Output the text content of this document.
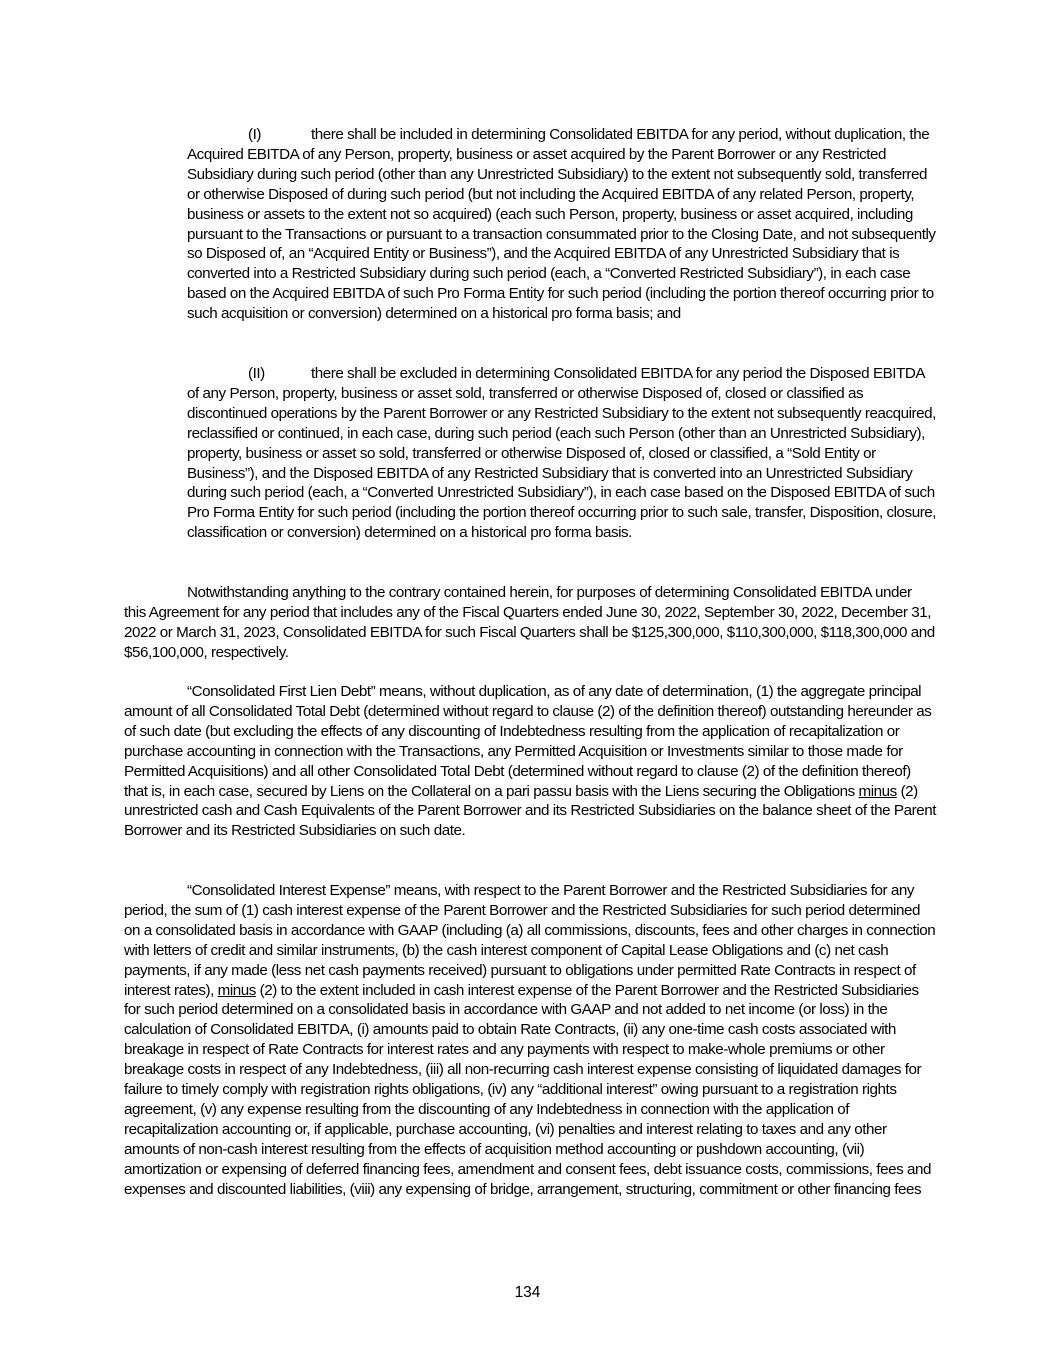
(I)	there shall be included in determining Consolidated EBITDA for any period, without duplication, the Acquired EBITDA of any Person, property, business or asset acquired by the Parent Borrower or any Restricted Subsidiary during such period (other than any Unrestricted Subsidiary) to the extent not subsequently sold, transferred or otherwise Disposed of during such period (but not including the Acquired EBITDA of any related Person, property, business or assets to the extent not so acquired) (each such Person, property, business or asset acquired, including pursuant to the Transactions or pursuant to a transaction consummated prior to the Closing Date, and not subsequently so Disposed of, an “Acquired Entity or Business”), and the Acquired EBITDA of any Unrestricted Subsidiary that is converted into a Restricted Subsidiary during such period (each, a “Converted Restricted Subsidiary”), in each case based on the Acquired EBITDA of such Pro Forma Entity for such period (including the portion thereof occurring prior to such acquisition or conversion) determined on a historical pro forma basis; and

(II)	there shall be excluded in determining Consolidated EBITDA for any period the Disposed EBITDA of any Person, property, business or asset sold, transferred or otherwise Disposed of, closed or classified as discontinued operations by the Parent Borrower or any Restricted Subsidiary to the extent not subsequently reacquired, reclassified or continued, in each case, during such period (each such Person (other than an Unrestricted Subsidiary), property, business or asset so sold, transferred or otherwise Disposed of, closed or classified, a “Sold Entity or Business”), and the Disposed EBITDA of any Restricted Subsidiary that is converted into an Unrestricted Subsidiary during such period (each, a “Converted Unrestricted Subsidiary”), in each case based on the Disposed EBITDA of such Pro Forma Entity for such period (including the portion thereof occurring prior to such sale, transfer, Disposition, closure, classification or conversion) determined on a historical pro forma basis.

Notwithstanding anything to the contrary contained herein, for purposes of determining Consolidated EBITDA under this Agreement for any period that includes any of the Fiscal Quarters ended June 30, 2022, September 30, 2022, December 31, 2022 or March 31, 2023, Consolidated EBITDA for such Fiscal Quarters shall be $125,300,000, $110,300,000, $118,300,000 and $56,100,000, respectively.

“Consolidated First Lien Debt” means, without duplication, as of any date of determination, (1) the aggregate principal amount of all Consolidated Total Debt (determined without regard to clause (2) of the definition thereof) outstanding hereunder as of such date (but excluding the effects of any discounting of Indebtedness resulting from the application of recapitalization or purchase accounting in connection with the Transactions, any Permitted Acquisition or Investments similar to those made for Permitted Acquisitions) and all other Consolidated Total Debt (determined without regard to clause (2) of the definition thereof) that is, in each case, secured by Liens on the Collateral on a pari passu basis with the Liens securing the Obligations minus (2) unrestricted cash and Cash Equivalents of the Parent Borrower and its Restricted Subsidiaries on the balance sheet of the Parent Borrower and its Restricted Subsidiaries on such date.

“Consolidated Interest Expense” means, with respect to the Parent Borrower and the Restricted Subsidiaries for any period, the sum of (1) cash interest expense of the Parent Borrower and the Restricted Subsidiaries for such period determined on a consolidated basis in accordance with GAAP (including (a) all commissions, discounts, fees and other charges in connection with letters of credit and similar instruments, (b) the cash interest component of Capital Lease Obligations and (c) net cash payments, if any made (less net cash payments received) pursuant to obligations under permitted Rate Contracts in respect of interest rates), minus (2) to the extent included in cash interest expense of the Parent Borrower and the Restricted Subsidiaries for such period determined on a consolidated basis in accordance with GAAP and not added to net income (or loss) in the calculation of Consolidated EBITDA, (i) amounts paid to obtain Rate Contracts, (ii) any one-time cash costs associated with breakage in respect of Rate Contracts for interest rates and any payments with respect to make-whole premiums or other breakage costs in respect of any Indebtedness, (iii) all non-recurring cash interest expense consisting of liquidated damages for failure to timely comply with registration rights obligations, (iv) any “additional interest” owing pursuant to a registration rights agreement, (v) any expense resulting from the discounting of any Indebtedness in connection with the application of recapitalization accounting or, if applicable, purchase accounting, (vi) penalties and interest relating to taxes and any other amounts of non-cash interest resulting from the effects of acquisition method accounting or pushdown accounting, (vii) amortization or expensing of deferred financing fees, amendment and consent fees, debt issuance costs, commissions, fees and expenses and discounted liabilities, (viii) any expensing of bridge, arrangement, structuring, commitment or other financing fees

134
